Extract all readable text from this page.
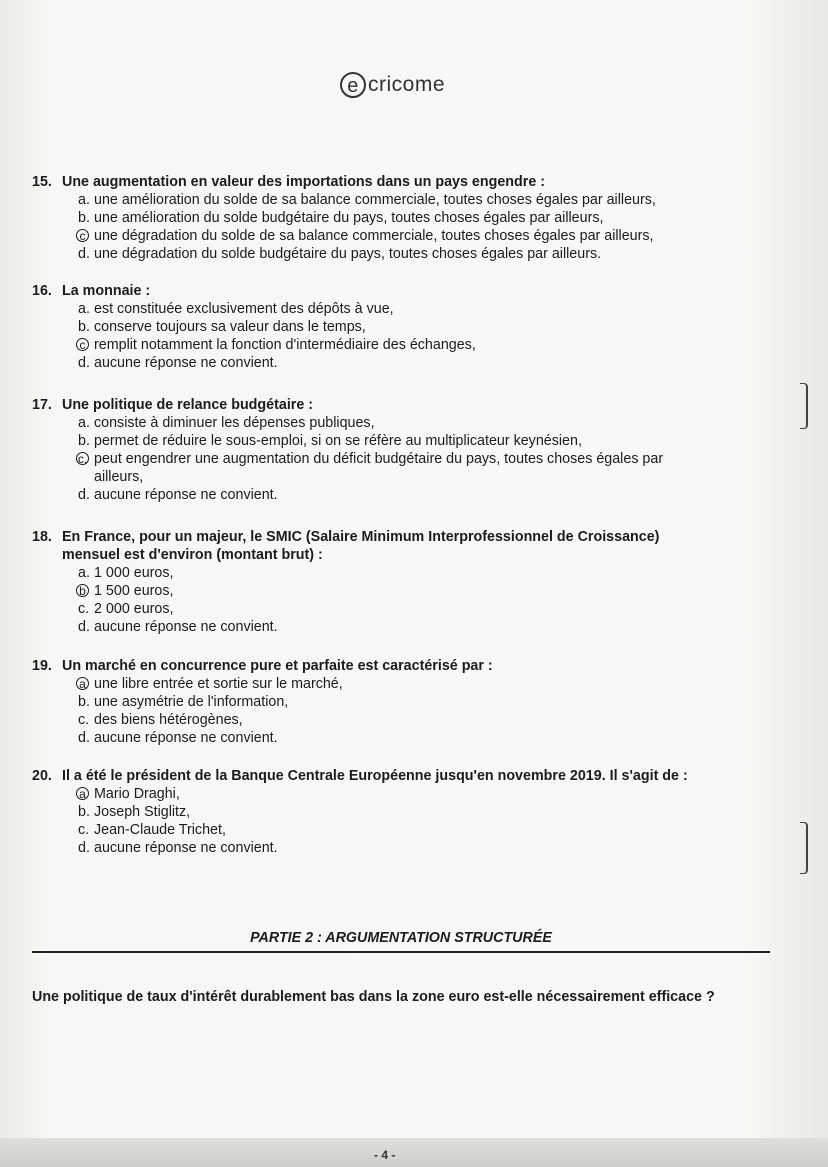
e cricome
15. Une augmentation en valeur des importations dans un pays engendre :
a. une amélioration du solde de sa balance commerciale, toutes choses égales par ailleurs,
b. une amélioration du solde budgétaire du pays, toutes choses égales par ailleurs,
c une dégradation du solde de sa balance commerciale, toutes choses égales par ailleurs,
d. une dégradation du solde budgétaire du pays, toutes choses égales par ailleurs.
16. La monnaie :
a. est constituée exclusivement des dépôts à vue,
b. conserve toujours sa valeur dans le temps,
c remplit notamment la fonction d'intermédiaire des échanges,
d. aucune réponse ne convient.
17. Une politique de relance budgétaire :
a. consiste à diminuer les dépenses publiques,
b. permet de réduire le sous-emploi, si on se réfère au multiplicateur keynésien,
c. peut engendrer une augmentation du déficit budgétaire du pays, toutes choses égales par
ailleurs,
d. aucune réponse ne convient.
18. En France, pour un majeur, le SMIC (Salaire Minimum Interprofessionnel de Croissance)
mensuel est d'environ (montant brut) :
a. 1 000 euros,
b 1 500 euros,
c. 2 000 euros,
d. aucune réponse ne convient.
19. Un marché en concurrence pure et parfaite est caractérisé par :
a une libre entrée et sortie sur le marché,
b. une asymétrie de l'information,
c. des biens hétérogènes,
d. aucune réponse ne convient.
20. Il a été le président de la Banque Centrale Européenne jusqu'en novembre 2019. Il s'agit de :
a Mario Draghi,
b. Joseph Stiglitz,
c. Jean-Claude Trichet,
d. aucune réponse ne convient.
PARTIE 2 : ARGUMENTATION STRUCTURÉE
Une politique de taux d'intérêt durablement bas dans la zone euro est-elle nécessairement efficace ?
- 4 -
